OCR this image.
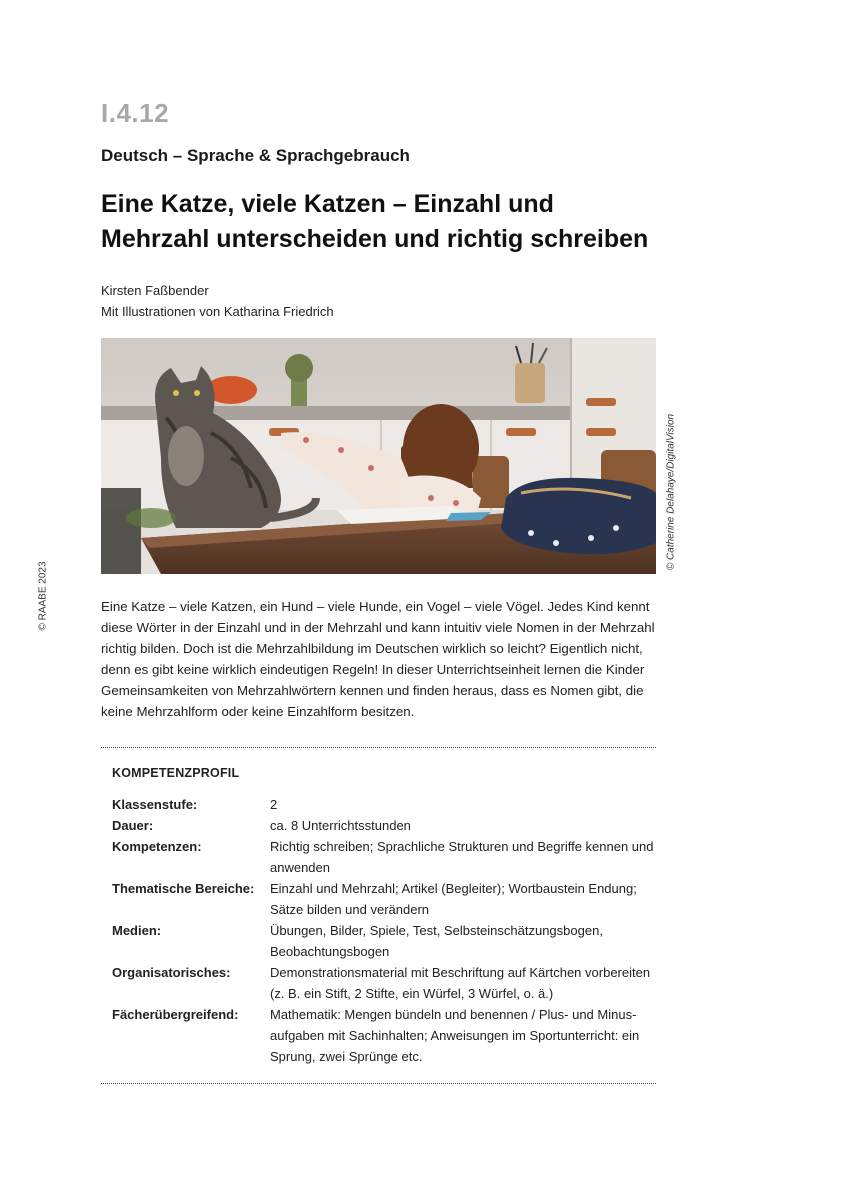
I.4.12
Deutsch – Sprache & Sprachgebrauch
Eine Katze, viele Katzen – Einzahl und
Mehrzahl unterscheiden und richtig schreiben
Kirsten Faßbender
Mit Illustrationen von Katharina Friedrich
© RAABE 2023
© Catherine Delahaye/DigitalVision
Eine Katze – viele Katzen, ein Hund – viele Hunde, ein Vogel – viele Vögel. Jedes Kind kennt diese Wörter in der Einzahl und in der Mehrzahl und kann intuitiv viele Nomen in der Mehrzahl richtig bilden. Doch ist die Mehrzahlbildung im Deutschen wirklich so leicht? Eigentlich nicht, denn es gibt keine wirklich eindeutigen Regeln! In dieser Unterrichtseinheit lernen die Kinder Gemeinsamkeiten von Mehrzahlwörtern kennen und finden heraus, dass es Nomen gibt, die keine Mehrzahlform oder keine Einzahlform besitzen.
KOMPETENZPROFIL
Klassenstufe:	2
Dauer:	ca. 8 Unterrichtsstunden
Kompetenzen:	Richtig schreiben; Sprachliche Strukturen und Begriffe kennen und anwenden
Thematische Bereiche:	Einzahl und Mehrzahl; Artikel (Begleiter); Wortbaustein Endung; Sätze bilden und verändern
Medien:	Übungen, Bilder, Spiele, Test, Selbsteinschätzungsbogen, Beobachtungsbogen
Organisatorisches:	Demonstrationsmaterial mit Beschriftung auf Kärtchen vorbereiten (z. B. ein Stift, 2 Stifte, ein Würfel, 3 Würfel, o. ä.)
Fächerübergreifend:	Mathematik: Mengen bündeln und benennen / Plus- und Minus-aufgaben mit Sachinhalten; Anweisungen im Sportunterricht: ein Sprung, zwei Sprünge etc.
